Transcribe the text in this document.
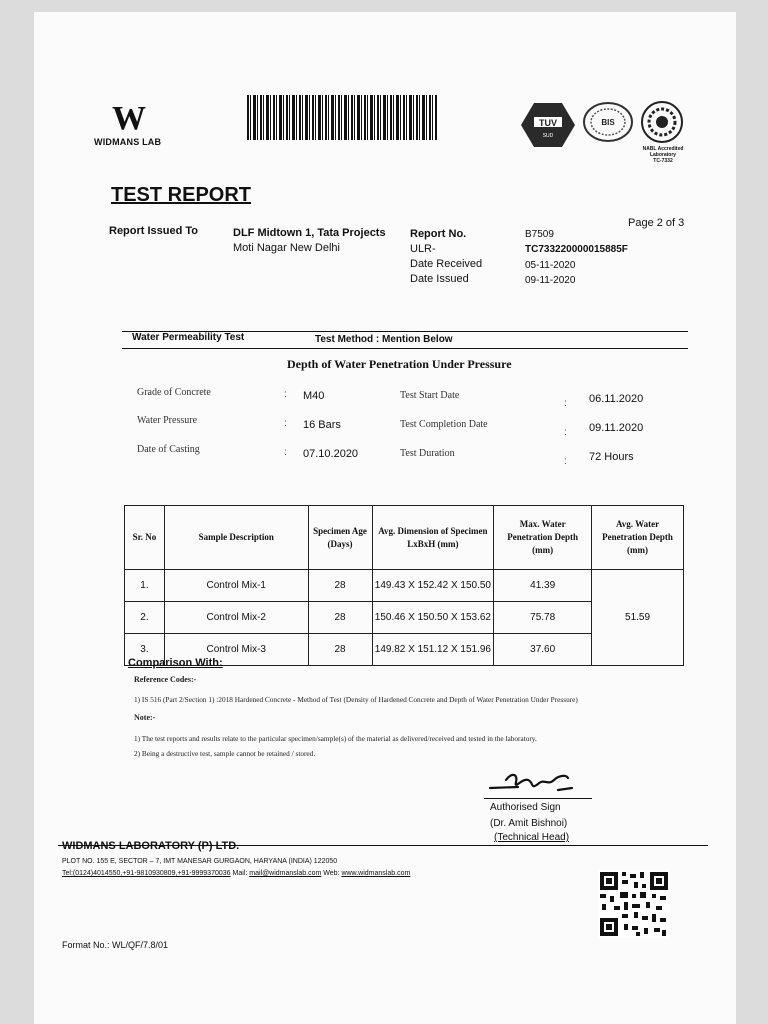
W
WIDMANS LAB
TUV
SUD
BIS
NABL Accredited Laboratory
TC-7332
TEST REPORT
Page 2 of 3
Report Issued To	DLF Midtown 1, Tata Projects
Moti Nagar New Delhi
Report No.	B7509
ULR-	TC733220000015885F
Date Received	05-11-2020
Date Issued	09-11-2020
Water Permeability Test	Test Method : Mention Below
Depth of Water Penetration Under Pressure
Grade of Concrete	: M40
Water Pressure	: 16 Bars
Date of Casting	: 07.10.2020
Test Start Date
: 06.11.2020
Test Completion Date
: 09.11.2020
Test Duration
: 72 Hours
Sr. No	Sample Description	Specimen Age (Days)	Avg. Dimension of Specimen LxBxH (mm)	Max. Water Penetration Depth (mm)	Avg. Water Penetration Depth (mm)
1.	Control Mix-1	28	149.43 X 152.42 X 150.50	41.39	51.59
2.	Control Mix-2	28	150.46 X 150.50 X 153.62	75.78	
3.	Control Mix-3	28	149.82 X 151.12 X 151.96	37.60	
Comparison With:
Reference Codes:-
1) IS 516 (Part 2/Section 1) :2018 Hardened Concrete - Method of Test (Density of Hardened Concrete and Depth of Water Penetration Under Pressure)
Note:-
1) The test reports and results relate to the particular specimen/sample(s) of the material as delivered/received and tested in the laboratory.
2) Being a destructive test, sample cannot be retained / stored.
Authorised Sign
(Dr. Amit Bishnoi)
(Technical Head)
WIDMANS LABORATORY (P) LTD.
PLOT NO. 155 E, SECTOR – 7, IMT MANESAR GURGAON, HARYANA (INDIA) 122050
Tel:(0124)4014550,+91-9810930809,+91-9999370036 Mail: mail@widmanslab.com Web: www.widmanslab.com
Format No.: WL/QF/7.8/01
